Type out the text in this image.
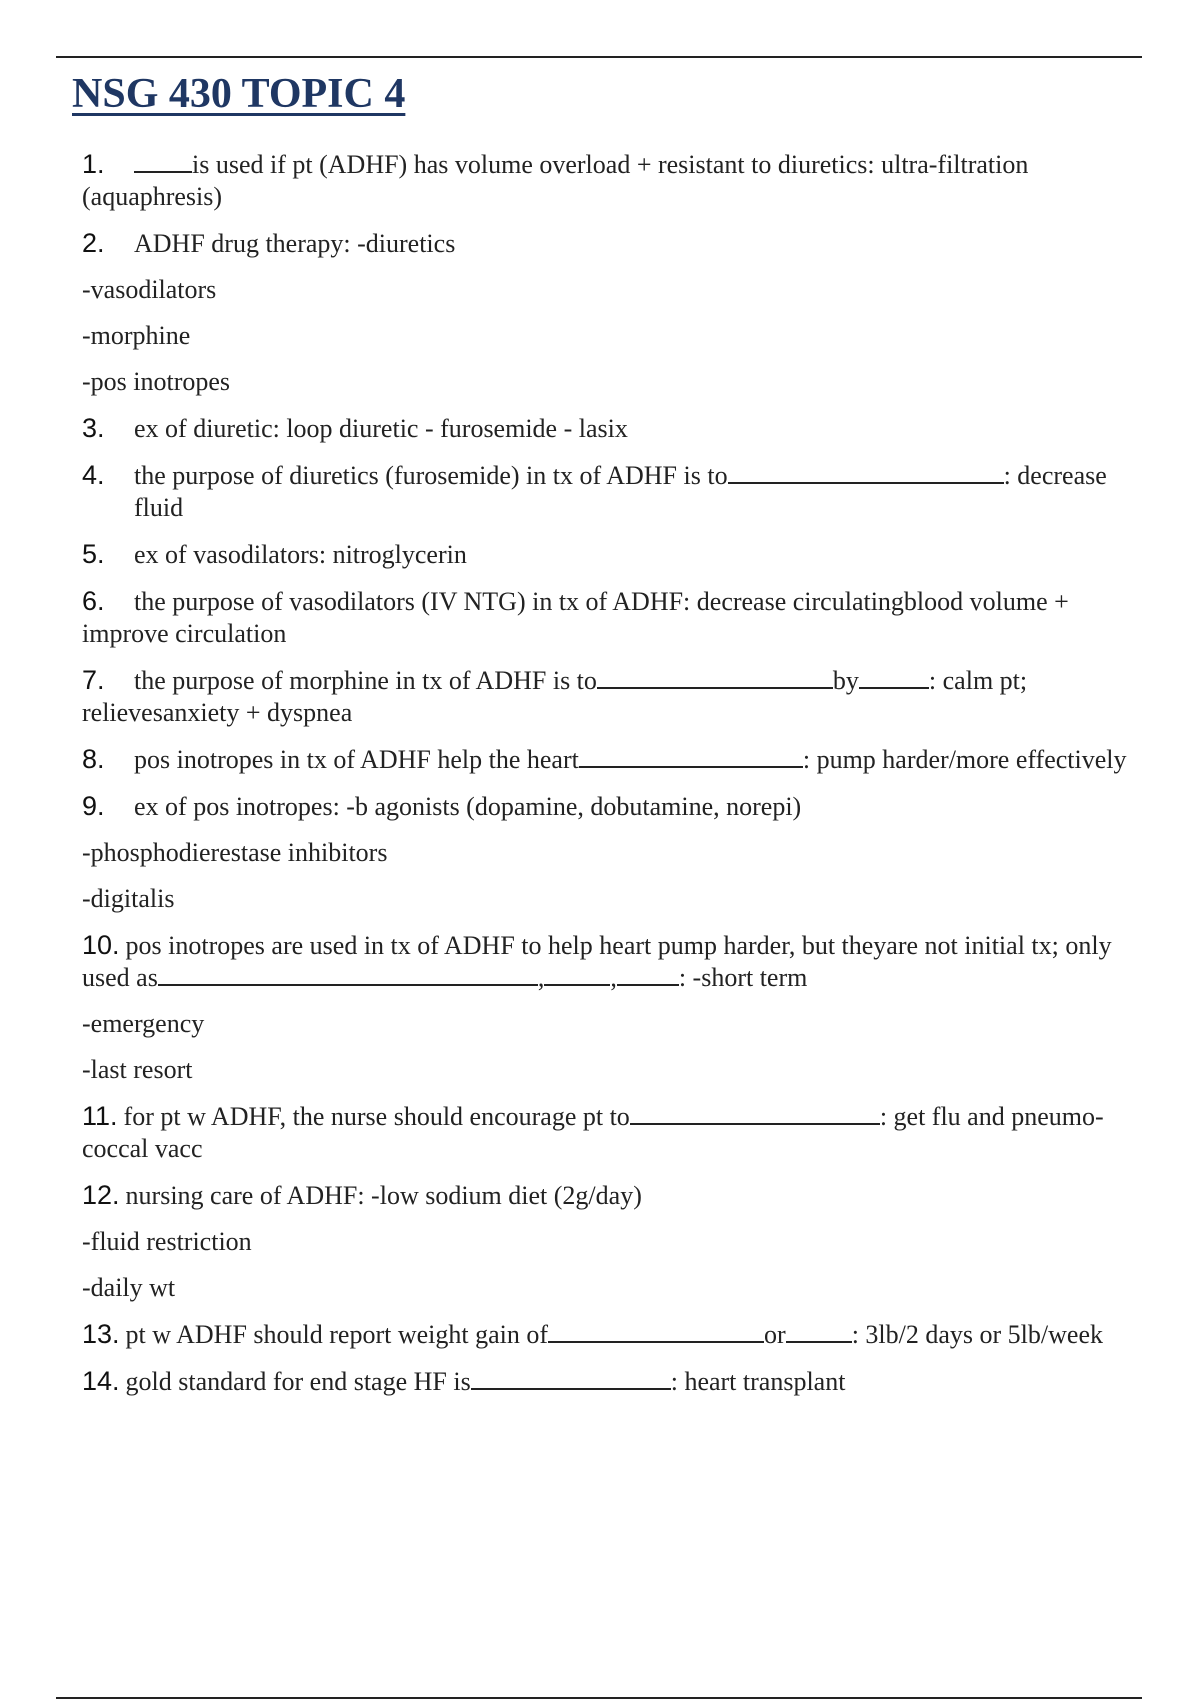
NSG 430 TOPIC 4
1.	is used if pt (ADHF) has volume overload + resistant to diuretics: ultra-filtration (aquaphresis)
2. ADHF drug therapy: -diuretics
-vasodilators
-morphine
-pos inotropes
3. ex of diuretic: loop diuretic - furosemide - lasix
4. the purpose of diuretics (furosemide) in tx of ADHF is to	: decrease fluid
5. ex of vasodilators: nitroglycerin
6. the purpose of vasodilators (IV NTG) in tx of ADHF: decrease circulatingblood volume + improve circulation
7. the purpose of morphine in tx of ADHF is to	by	: calm pt; relievesanxiety + dyspnea
8. pos inotropes in tx of ADHF help the heart	: pump harder/more effectively
9. ex of pos inotropes: -b agonists (dopamine, dobutamine, norepi)
-phosphodierestase inhibitors
-digitalis
10. pos inotropes are used in tx of ADHF to help heart pump harder, but theyare not initial tx; only used as	,	, : -short term
-emergency
-last resort
11. for pt w ADHF, the nurse should encourage pt to	: get flu and pneumo-coccal vacc
12. nursing care of ADHF: -low sodium diet (2g/day)
-fluid restriction
-daily wt
13. pt w ADHF should report weight gain of	or	: 3lb/2 days or 5lb/week
14. gold standard for end stage HF is	: heart transplant
